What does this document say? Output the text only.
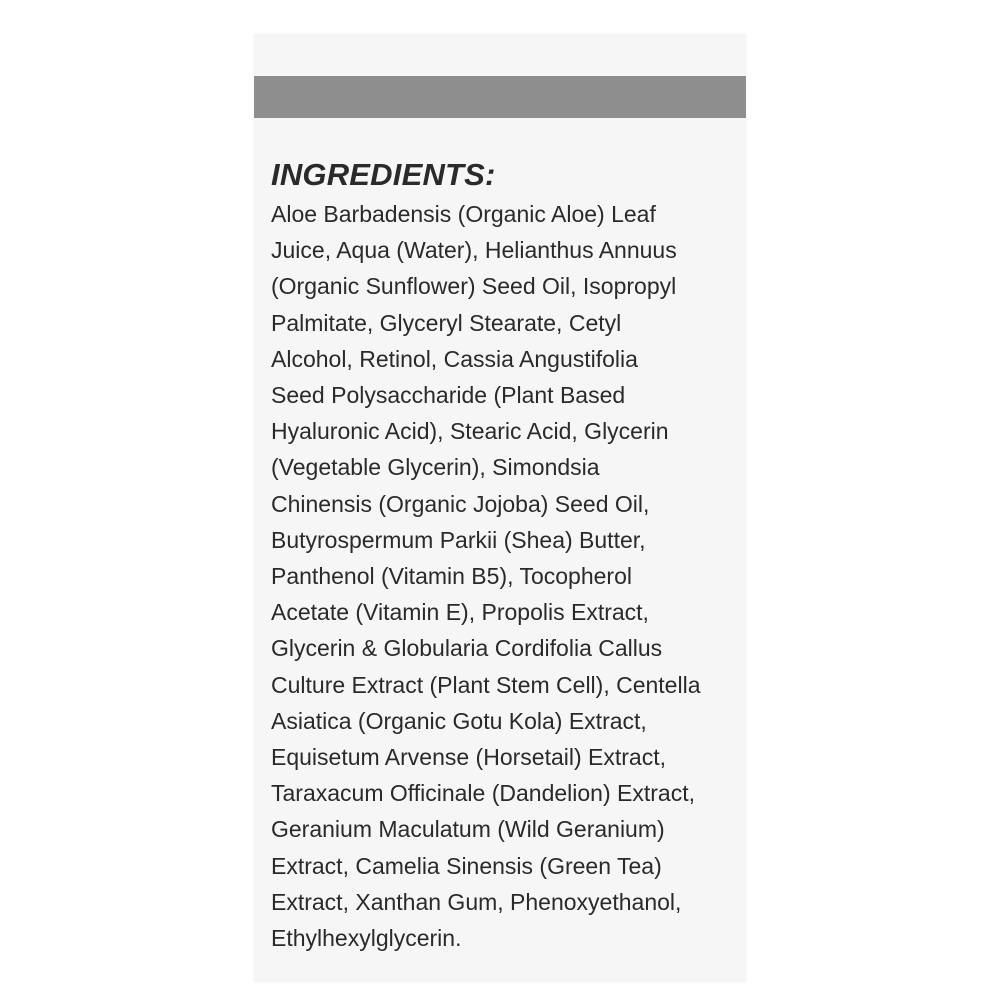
INGREDIENTS:
Aloe Barbadensis (Organic Aloe) Leaf
Juice, Aqua (Water), Helianthus Annuus
(Organic Sunflower) Seed Oil, Isopropyl
Palmitate, Glyceryl Stearate, Cetyl
Alcohol, Retinol, Cassia Angustifolia
Seed Polysaccharide (Plant Based
Hyaluronic Acid), Stearic Acid, Glycerin
(Vegetable Glycerin), Simondsia
Chinensis (Organic Jojoba) Seed Oil,
Butyrospermum Parkii (Shea) Butter,
Panthenol (Vitamin B5), Tocopherol
Acetate (Vitamin E), Propolis Extract,
Glycerin & Globularia Cordifolia Callus
Culture Extract (Plant Stem Cell), Centella
Asiatica (Organic Gotu Kola) Extract,
Equisetum Arvense (Horsetail) Extract,
Taraxacum Officinale (Dandelion) Extract,
Geranium Maculatum (Wild Geranium)
Extract, Camelia Sinensis (Green Tea)
Extract, Xanthan Gum, Phenoxyethanol,
Ethylhexylglycerin.
